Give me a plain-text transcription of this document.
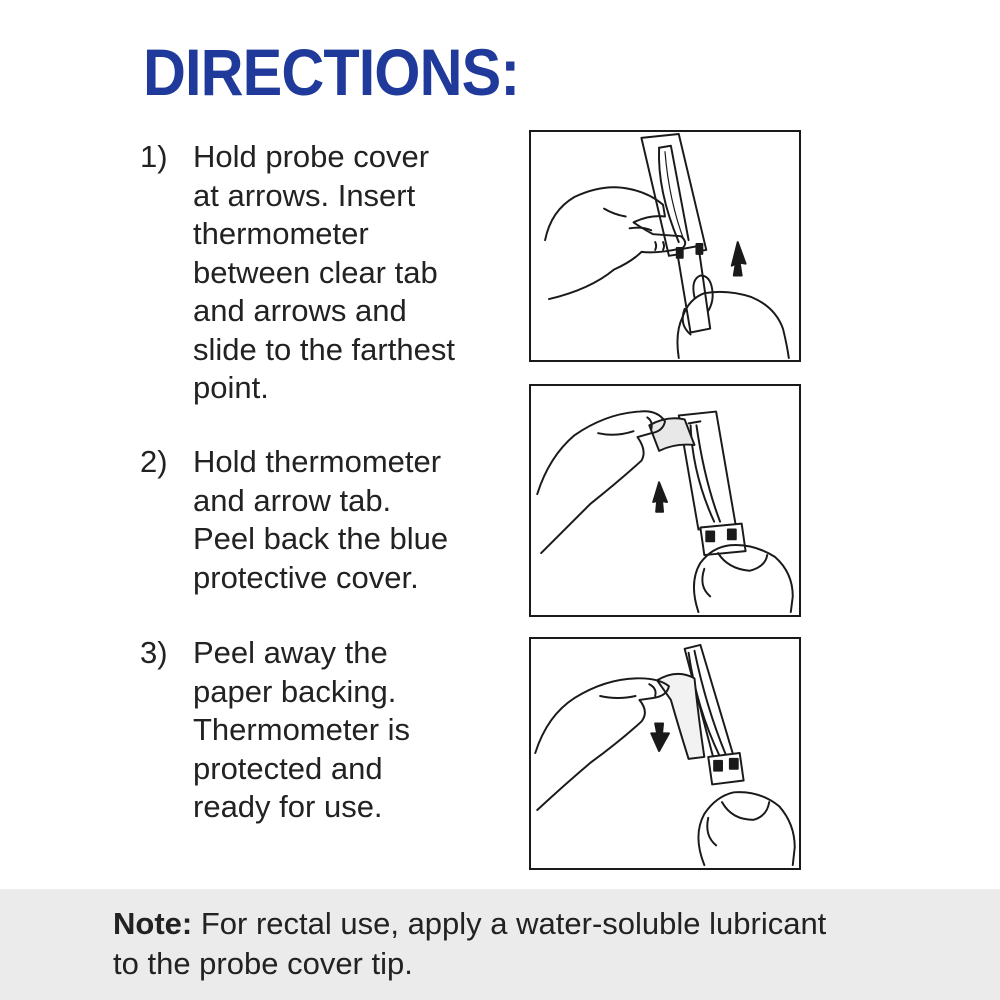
DIRECTIONS:
1) Hold probe cover
at arrows. Insert
thermometer
between clear tab
and arrows and
slide to the farthest
point.
2) Hold thermometer
and arrow tab.
Peel back the blue
protective cover.
3) Peel away the
paper backing.
Thermometer is
protected and
ready for use.
Note: For rectal use, apply a water-soluble lubricant
to the probe cover tip.
